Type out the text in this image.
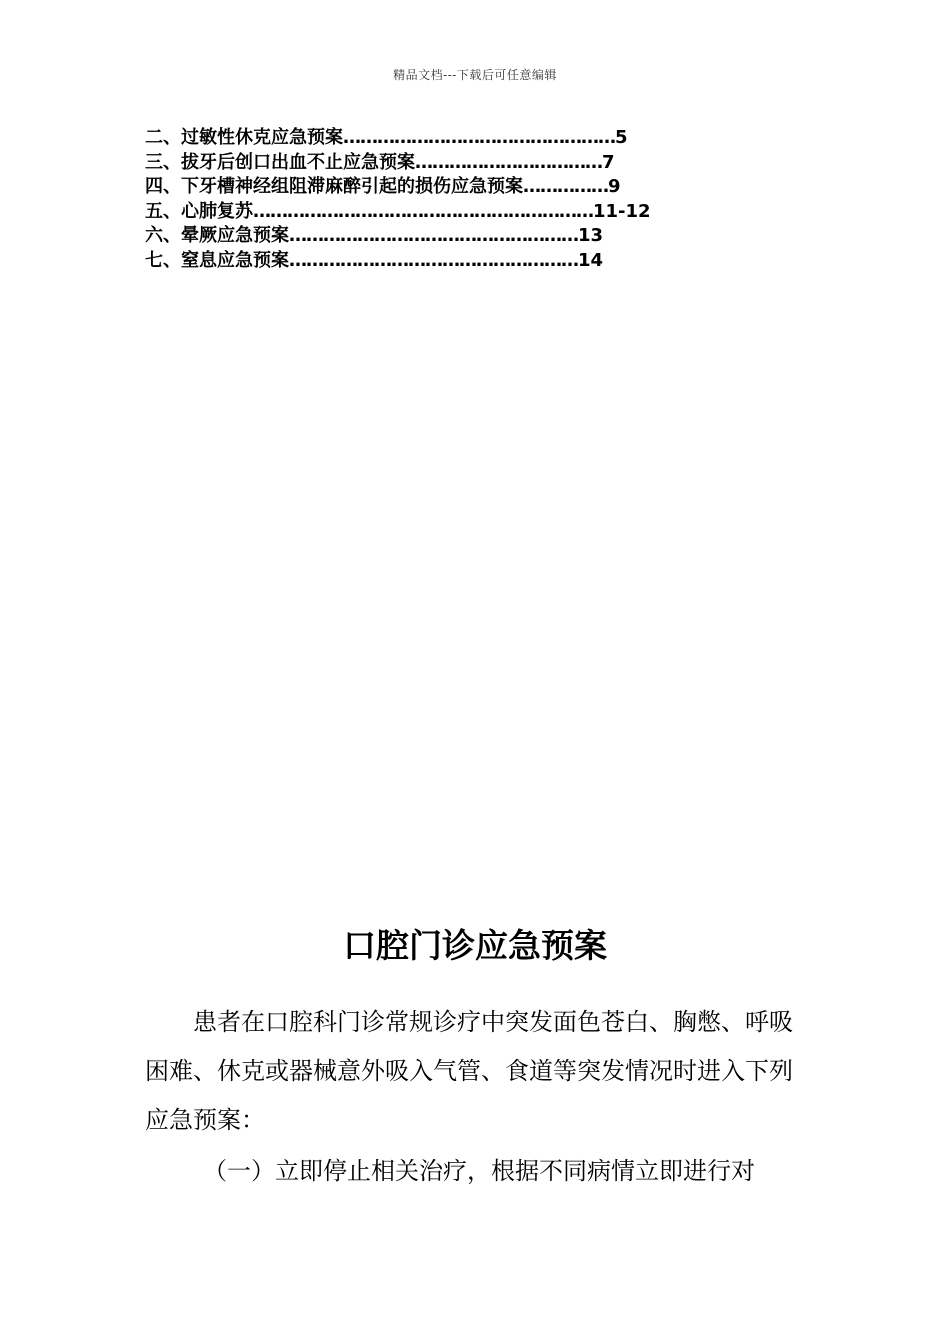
精品文档---下载后可任意编辑
二、过敏性休克应急预案…………………………………………5
三、拔牙后创口出血不止应急预案……………………………7
四、下牙槽神经组阻滞麻醉引起的损伤应急预案……………9
五、心肺复苏……………………………………………………11-12
六、晕厥应急预案……………………………………………13
七、窒息应急预案……………………………………………14
口腔门诊应急预案

患者在口腔科门诊常规诊疗中突发面色苍白、胸憋、呼吸困难、休克或器械意外吸入气管、食道等突发情况时进入下列应急预案：

（一）立即停止相关治疗，根据不同病情立即进行对
